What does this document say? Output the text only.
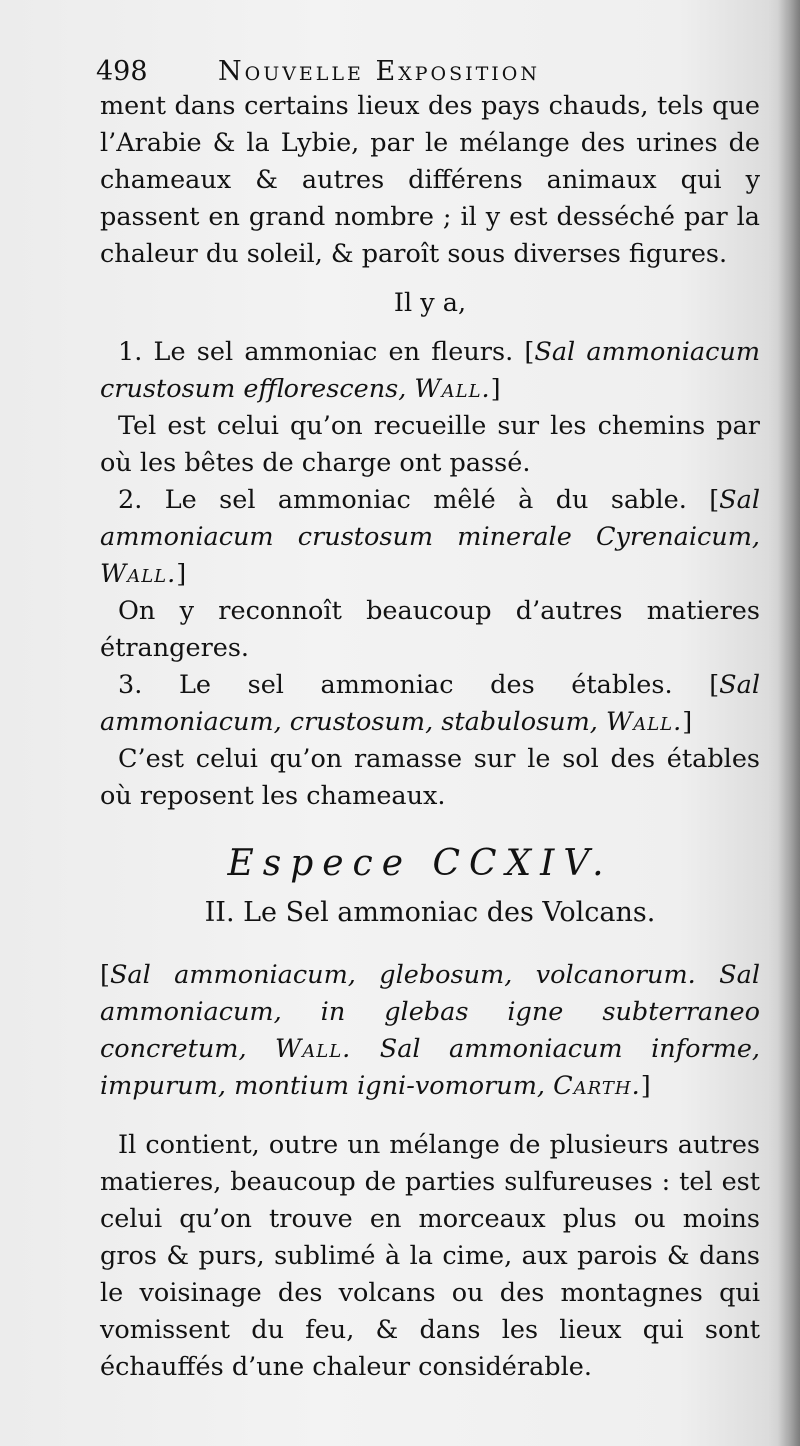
498	Nouvelle Exposition

ment dans certains lieux des pays chauds, tels que l’Arabie & la Lybie, par le mélange des urines de chameaux & autres différens animaux qui y passent en grand nombre ; il y est desséché par la chaleur du soleil, & paroît sous diverses figures.

Il y a,

1. Le sel ammoniac en fleurs. [Sal ammoniacum crustosum efflorescens, Wall.]

Tel est celui qu’on recueille sur les chemins par où les bêtes de charge ont passé.

2. Le sel ammoniac mêlé à du sable. [Sal ammoniacum crustosum minerale Cyrenaicum, Wall.]

On y reconnoît beaucoup d’autres matieres étrangeres.

3. Le sel ammoniac des étables. [Sal ammoniacum, crustosum, stabulosum, Wall.]

C’est celui qu’on ramasse sur le sol des étables où reposent les chameaux.

Espece CCXIV.
II. Le Sel ammoniac des Volcans.

[Sal ammoniacum, glebosum, volcanorum. Sal ammoniacum, in glebas igne subterraneo concretum, Wall. Sal ammoniacum informe, impurum, montium igni-vomorum, Carth.]

Il contient, outre un mélange de plusieurs autres matieres, beaucoup de parties sulfureuses : tel est celui qu’on trouve en morceaux plus ou moins gros & purs, sublimé à la cime, aux parois & dans le voisinage des volcans ou des montagnes qui vomissent du feu, & dans les lieux qui sont échauffés d’une chaleur considérable.
